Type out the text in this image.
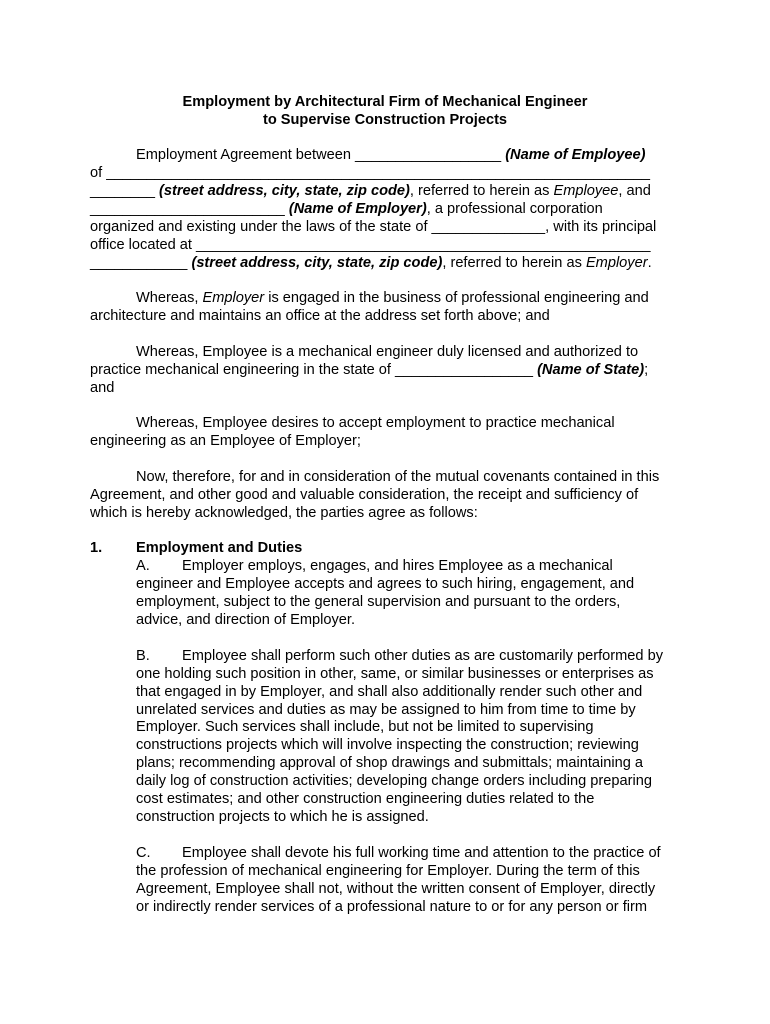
Employment by Architectural Firm of Mechanical Engineer
to Supervise Construction Projects
Employment Agreement between __________________ (Name of Employee)
of ___________________________________________________________________
________ (street address, city, state, zip code), referred to herein as Employee, and
________________________ (Name of Employer), a professional corporation
organized and existing under the laws of the state of ______________, with its principal
office located at ________________________________________________________
____________ (street address, city, state, zip code), referred to herein as Employer.
Whereas, Employer is engaged in the business of professional engineering and
architecture and maintains an office at the address set forth above; and
Whereas, Employee is a mechanical engineer duly licensed and authorized to
practice mechanical engineering in the state of _________________ (Name of State);
and
Whereas, Employee desires to accept employment to practice mechanical
engineering as an Employee of Employer;
Now, therefore, for and in consideration of the mutual covenants contained in this
Agreement, and other good and valuable consideration, the receipt and sufficiency of
which is hereby acknowledged, the parties agree as follows:
1. Employment and Duties
A. Employer employs, engages, and hires Employee as a mechanical
engineer and Employee accepts and agrees to such hiring, engagement, and
employment, subject to the general supervision and pursuant to the orders,
advice, and direction of Employer.
B. Employee shall perform such other duties as are customarily performed by
one holding such position in other, same, or similar businesses or enterprises as
that engaged in by Employer, and shall also additionally render such other and
unrelated services and duties as may be assigned to him from time to time by
Employer. Such services shall include, but not be limited to supervising
constructions projects which will involve inspecting the construction; reviewing
plans; recommending approval of shop drawings and submittals; maintaining a
daily log of construction activities; developing change orders including preparing
cost estimates; and other construction engineering duties related to the
construction projects to which he is assigned.
C. Employee shall devote his full working time and attention to the practice of
the profession of mechanical engineering for Employer. During the term of this
Agreement, Employee shall not, without the written consent of Employer, directly
or indirectly render services of a professional nature to or for any person or firm
